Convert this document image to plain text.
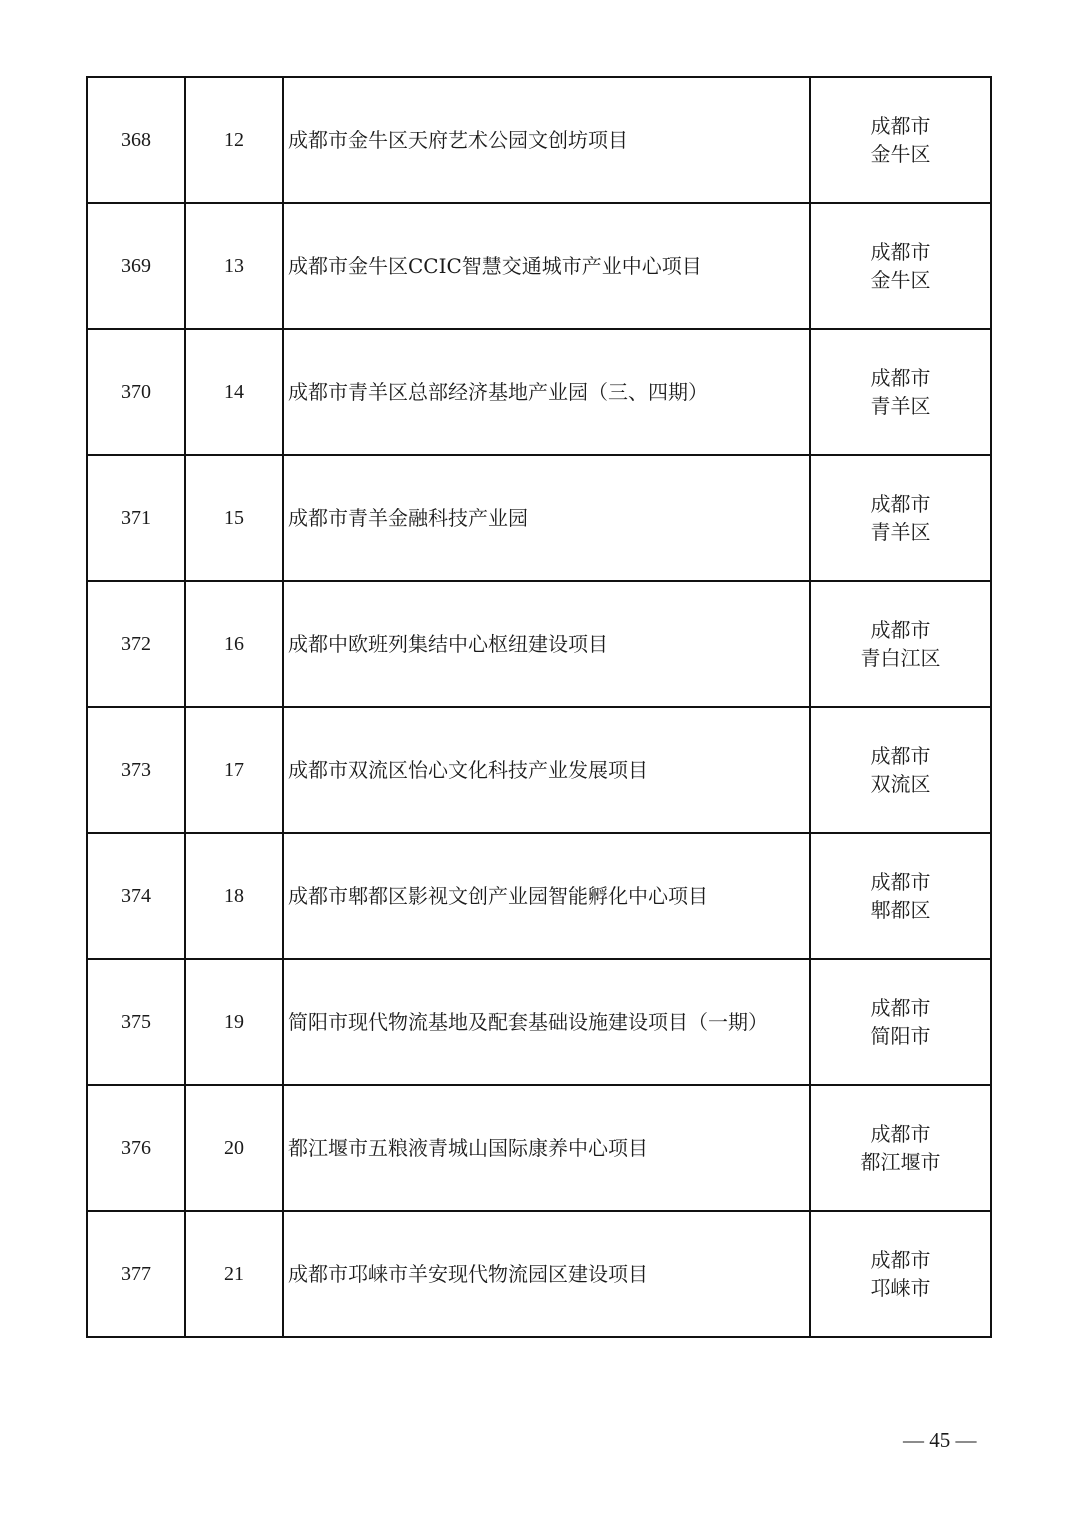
368	12	成都市金牛区天府艺术公园文创坊项目	成都市
金牛区

369	13	成都市金牛区CCIC智慧交通城市产业中心项目	成都市
金牛区

370	14	成都市青羊区总部经济基地产业园（三、四期）	成都市
青羊区

371	15	成都市青羊金融科技产业园	成都市
青羊区

372	16	成都中欧班列集结中心枢纽建设项目	成都市
青白江区

373	17	成都市双流区怡心文化科技产业发展项目	成都市
双流区

374	18	成都市郫都区影视文创产业园智能孵化中心项目	成都市
郫都区

375	19	简阳市现代物流基地及配套基础设施建设项目（一期）	成都市
简阳市

376	20	都江堰市五粮液青城山国际康养中心项目	成都市
都江堰市

377	21	成都市邛崃市羊安现代物流园区建设项目	成都市
邛崃市
— 45 —
